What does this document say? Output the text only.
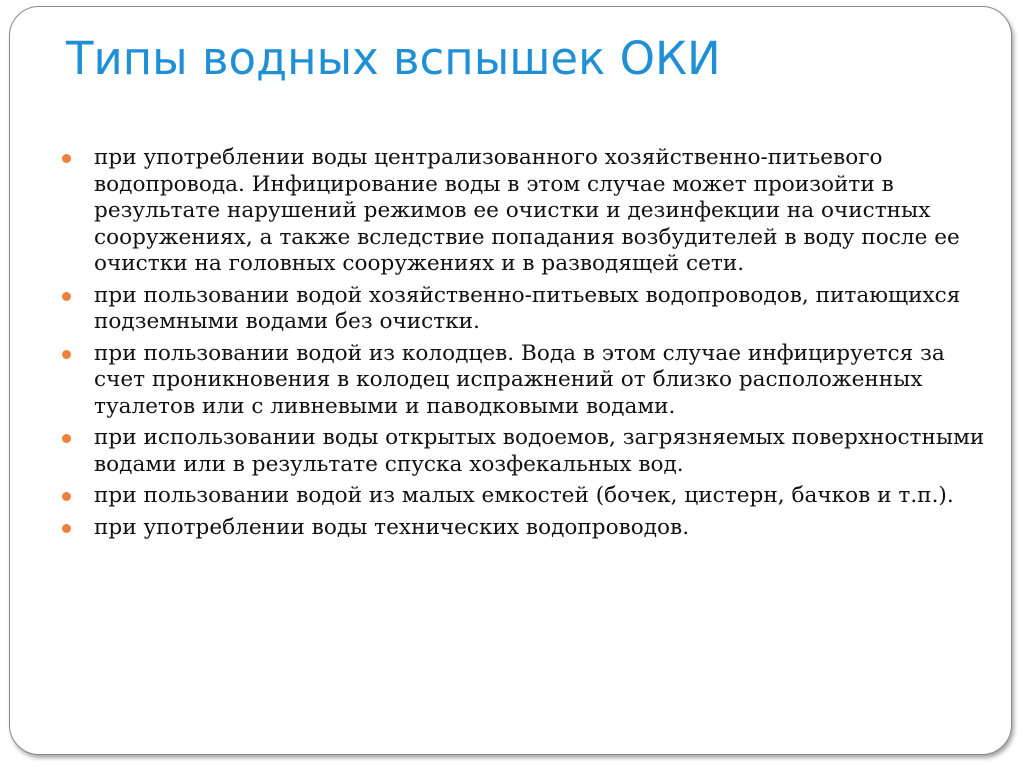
Типы водных вспышек ОКИ
при употреблении воды централизованного хозяйственно-питьевого водопровода. Инфицирование воды в этом случае может произойти в результате нарушений режимов ее очистки и дезинфекции на очистных сооружениях, а также вследствие попадания возбудителей в воду после ее очистки на головных сооружениях и в разводящей сети.
при пользовании водой хозяйственно-питьевых водопроводов, питающихся подземными водами без очистки.
при пользовании водой из колодцев. Вода в этом случае инфицируется за счет проникновения в колодец испражнений от близко расположенных туалетов или с ливневыми и паводковыми водами.
при использовании воды открытых водоемов, загрязняемых поверхностными водами или в результате спуска хозфекальных вод.
при пользовании водой из малых емкостей (бочек, цистерн, бачков и т.п.).
при употреблении воды технических водопроводов.
